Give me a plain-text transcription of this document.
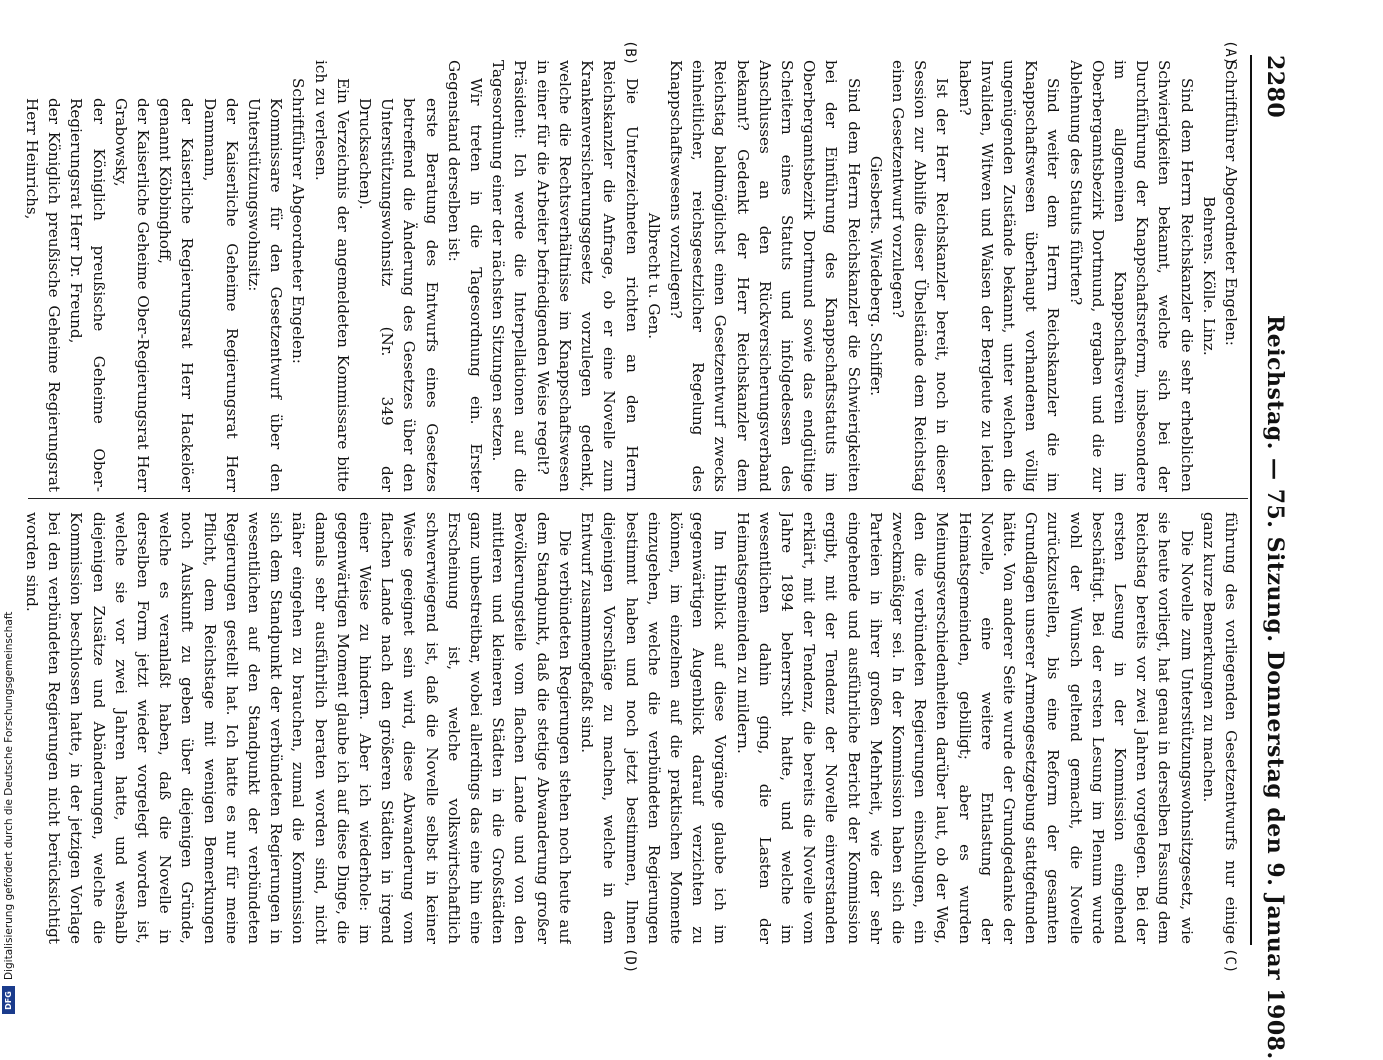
2280
Reichstag. — 75. Sitzung. Donnerstag den 9. Januar 1908.
(A)
(B)
(C)
(D)

Schriftführer Abgeordneter Engelen:

Behrens. Kölle. Linz.

Sind dem Herrn Reichskanzler die sehr erheblichen Schwierigkeiten bekannt, welche sich bei der Durchführung der Knappschaftsreform, insbesondere im allgemeinen Knappschaftsverein im Oberbergamtsbezirk Dortmund, ergaben und die zur Ablehnung des Statuts führten?

Sind weiter dem Herrn Reichskanzler die im Knappschaftswesen überhaupt vorhandenen völlig ungenügenden Zustände bekannt, unter welchen die Invaliden, Witwen und Waisen der Bergleute zu leiden haben?

Ist der Herr Reichskanzler bereit, noch in dieser Session zur Abhilfe dieser Übelstände dem Reichstag einen Gesetzentwurf vorzulegen?

Giesberts. Wiedeberg. Schiffer.

Sind dem Herrn Reichskanzler die Schwierigkeiten bei der Einführung des Knappschaftsstatuts im Oberbergamtsbezirk Dortmund sowie das endgültige Scheitern eines Statuts und infolgedessen des Anschlusses an den Rückversicherungsverband bekannt? Gedenkt der Herr Reichskanzler dem Reichstag baldmöglichst einen Gesetzentwurf zwecks einheitlicher, reichsgesetzlicher Regelung des Knappschaftswesens vorzulegen?

Albrecht u. Gen.

Die Unterzeichneten richten an den Herrn Reichskanzler die Anfrage, ob er eine Novelle zum Krankenversicherungsgesetz vorzulegen gedenkt, welche die Rechtsverhältnisse im Knappschaftswesen in einer für die Arbeiter befriedigenden Weise regelt?

Präsident: Ich werde die Interpellationen auf die Tagesordnung einer der nächsten Sitzungen setzen.

Wir treten in die Tagesordnung ein. Erster Gegenstand derselben ist:

erste Beratung des Entwurfs eines Gesetzes betreffend die Änderung des Gesetzes über den Unterstützungswohnsitz (Nr. 349 der Drucksachen).

Ein Verzeichnis der angemeldeten Kommissare bitte ich zu verlesen.

Schriftführer Abgeordneter Engelen:

Kommissare für den Gesetzentwurf über den Unterstützungswohnsitz:

der Kaiserliche Geheime Regierungsrat Herr Dammann,

der Kaiserliche Regierungsrat Herr Hackelöer genannt Köbbinghoff,

der Kaiserliche Geheime Ober-Regierungsrat Herr Grabowsky,

der Königlich preußische Geheime Ober-Regierungsrat Herr Dr. Freund,

der Königlich preußische Geheime Regierungsrat Herr Heinrichs,

führung des vorliegenden Gesetzentwurfs nur einige ganz kurze Bemerkungen zu machen.

Die Novelle zum Unterstützungswohnsitzgesetz, wie sie heute vorliegt, hat genau in derselben Fassung dem Reichstag bereits vor zwei Jahren vorgelegen. Bei der ersten Lesung in der Kommission eingehend beschäftigt. Bei der ersten Lesung im Plenum wurde wohl der Wunsch geltend gemacht, die Novelle zurückzustellen, bis eine Reform der gesamten Grundlagen unserer Armengesetzgebung stattgefunden hätte. Von anderer Seite wurde der Grundgedanke der Novelle, eine weitere Entlastung der Heimatsgemeinden, gebilligt; aber es wurden Meinungsverschiedenheiten darüber laut, ob der Weg, den die verbündeten Regierungen einschlugen, ein zweckmäßiger sei. In der Kommission haben sich die Parteien in ihrer großen Mehrheit, wie der sehr eingehende und ausführliche Bericht der Kommission ergibt, mit der Tendenz der Novelle einverstanden erklärt, mit der Tendenz, die bereits die Novelle vom Jahre 1894 beherrscht hatte, und welche im wesentlichen dahin ging, die Lasten der Heimatsgemeinden zu mildern.

Im Hinblick auf diese Vorgänge glaube ich im gegenwärtigen Augenblick darauf verzichten zu können, im einzelnen auf die praktischen Momente einzugehen, welche die verbündeten Regierungen bestimmt haben und noch jetzt bestimmen, Ihnen diejenigen Vorschläge zu machen, welche in dem Entwurf zusammengefaßt sind.

Die verbündeten Regierungen stehen noch heute auf dem Standpunkt, daß die stetige Abwanderung großer Bevölkerungsteile vom flachen Lande und von den mittleren und kleineren Städten in die Großstädten ganz unbestreitbar, wobei allerdings das eine hin eine Erscheinung ist, welche volkswirtschaftlich schwerwiegend ist, daß die Novelle selbst in keiner Weise geeignet sein wird, diese Abwanderung vom flachen Lande nach den größeren Städten in irgend einer Weise zu hindern. Aber ich wiederhole: im gegenwärtigen Moment glaube ich auf diese Dinge, die damals sehr ausführlich beraten worden sind, nicht näher eingehen zu brauchen, zumal die Kommission sich dem Standpunkt der verbündeten Regierungen in wesentlichen auf den Standpunkt der verbündeten Regierungen gestellt hat. Ich hatte es nur für meine Pflicht, dem Reichstage mit wenigen Bemerkungen noch Auskunft zu geben über diejenigen Gründe, welche es veranlaßt haben, daß die Novelle in derselben Form jetzt wieder vorgelegt worden ist, welche sie vor zwei Jahren hatte, und weshalb diejenigen Zusätze und Abänderungen, welche die Kommission beschlossen hatte, in der jetzigen Vorlage bei den verbündeten Regierungen nicht berücksichtigt worden sind.

Digitalisierung gefördert durch die Deutsche Forschungsgemeinschaft
DFG
